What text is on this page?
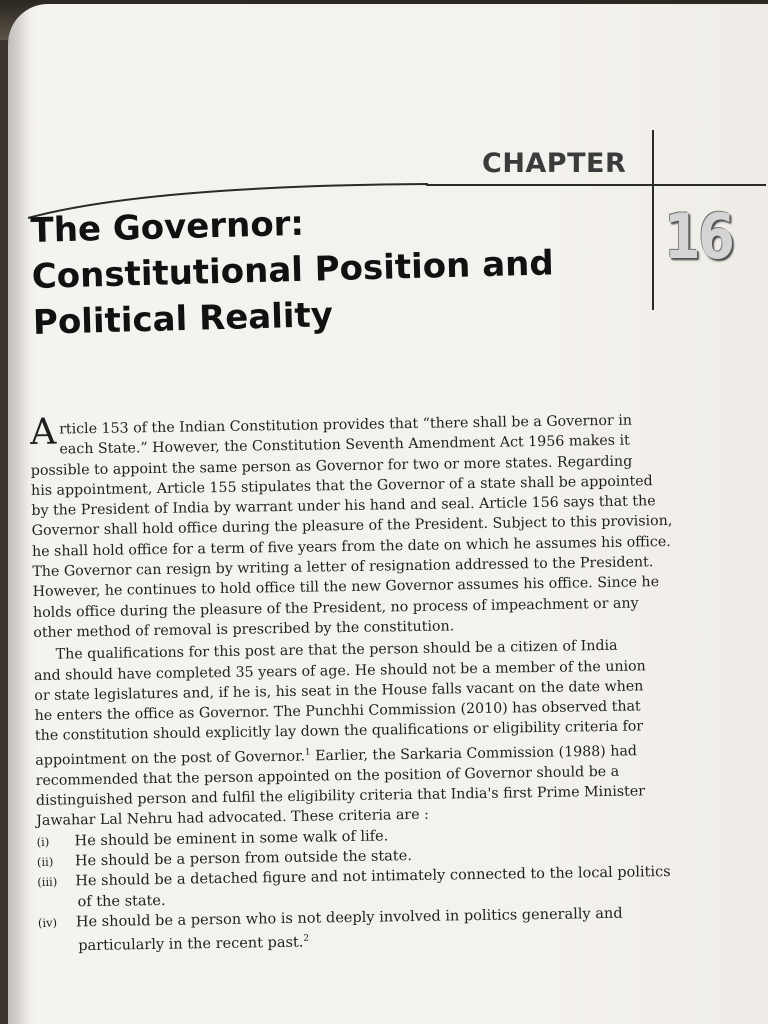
CHAPTER
16
The Governor:
Constitutional Position and
Political Reality
A rticle 153 of the Indian Constitution provides that “there shall be a Governor in
each State.” However, the Constitution Seventh Amendment Act 1956 makes it
possible to appoint the same person as Governor for two or more states. Regarding
his appointment, Article 155 stipulates that the Governor of a state shall be appointed
by the President of India by warrant under his hand and seal. Article 156 says that the
Governor shall hold office during the pleasure of the President. Subject to this provision,
he shall hold office for a term of five years from the date on which he assumes his office.
The Governor can resign by writing a letter of resignation addressed to the President.
However, he continues to hold office till the new Governor assumes his office. Since he
holds office during the pleasure of the President, no process of impeachment or any
other method of removal is prescribed by the constitution.
The qualifications for this post are that the person should be a citizen of India
and should have completed 35 years of age. He should not be a member of the union
or state legislatures and, if he is, his seat in the House falls vacant on the date when
he enters the office as Governor. The Punchhi Commission (2010) has observed that
the constitution should explicitly lay down the qualifications or eligibility criteria for
appointment on the post of Governor.$^1$ Earlier, the Sarkaria Commission (1988) had
recommended that the person appointed on the position of Governor should be a
distinguished person and fulfil the eligibility criteria that India's first Prime Minister
Jawahar Lal Nehru had advocated. These criteria are :
(i)	He should be eminent in some walk of life.
(ii)	He should be a person from outside the state.
(iii)	He should be a detached figure and not intimately connected to the local politics
of the state.
(iv)	He should be a person who is not deeply involved in politics generally and
particularly in the recent past.$^2$
